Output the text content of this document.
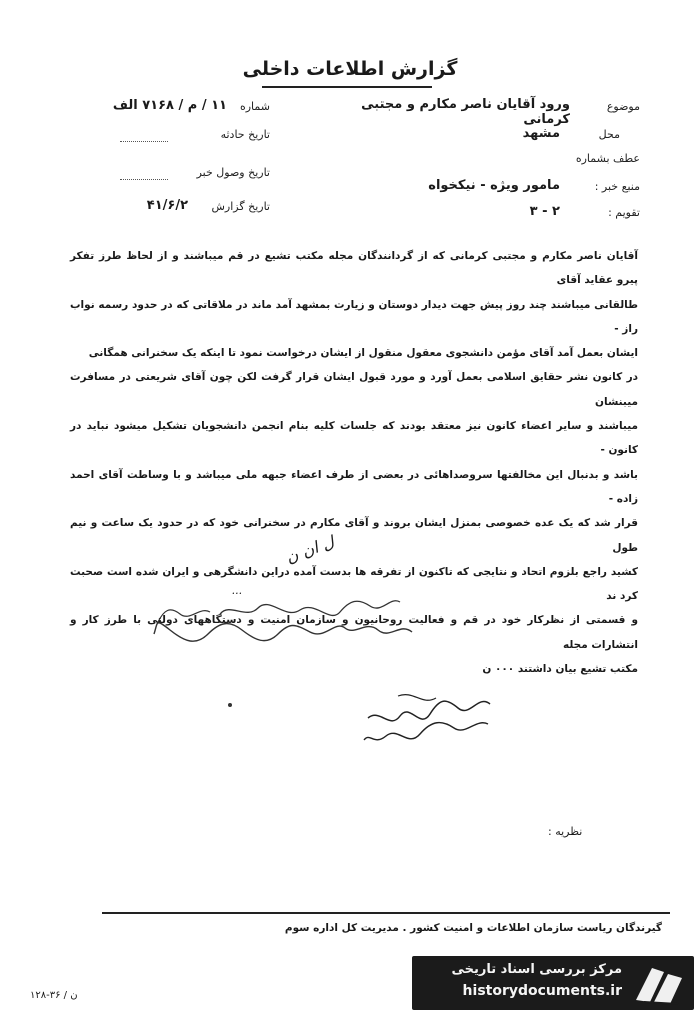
گزارش اطلاعات داخلی
موضوع
ورود آقایان ناصر مکارم و مجتبی کرمانی
محل
مشهد
عطف بشماره
منبع خبر :
مامور ویژه - نیکخواه
تقویم :
۳ - ۲
شماره
۱۱ / م / ۷۱۶۸ الف
تاریخ حادثه
تاریخ وصول خبر
تاریخ گزارش
۴۱/۶/۲

آقایان ناصر مکارم و مجتبی کرمانی که از گردانندگان مجله مکتب تشیع در قم میباشند و از لحاظ طرز تفکر پیرو عقاید آقای

طالقانی میباشند چند روز پیش جهت دیدار دوستان و زیارت بمشهد آمد ماند در ملاقاتی که در حدود رسمه نواب راز -

ایشان بعمل آمد آقای مؤمن دانشجوی معقول منقول از ایشان درخواست نمود تا اینکه یک سخنرانی همگانی

در کانون نشر حقایق اسلامی بعمل آورد و مورد قبول ایشان قرار گرفت لکن چون آقای شریعتی در مسافرت میبنشان

میباشند و سایر اعضاء کانون نیز معتقد بودند که جلسات کلیه بنام انجمن دانشجویان تشکیل میشود نباید در کانون -

باشد و بدنبال این مخالفتها سروصداهائی در بعضی از طرف اعضاء جبهه ملی میباشد و با وساطت آقای احمد زاده -

قرار شد که یک عده خصوصی بمنزل ایشان بروند و آقای مکارم در سخنرانی خود که در حدود یک ساعت و نیم طول

کشید راجع بلزوم اتحاد و نتایجی که تاکنون از تفرقه ها بدست آمده دراین دانشگرهی و ایران شده است صحبت کرد ند

و قسمتی از نظرکار خود در قم و فعالیت روحانیون و سازمان امنیت و دستگاههای دولتی با طرز کار و انتشارات مجله

مکتب تشیع بیان داشتند ۰۰۰ ن

ل ان ن
...
نظریه :
گیرندگان ریاست سازمان اطلاعات و امنیت کشور . مدیریت کل اداره سوم
۱۲۸-۳۶ / ن
مرکز بررسی اسناد تاریخی
historydocuments.ir
